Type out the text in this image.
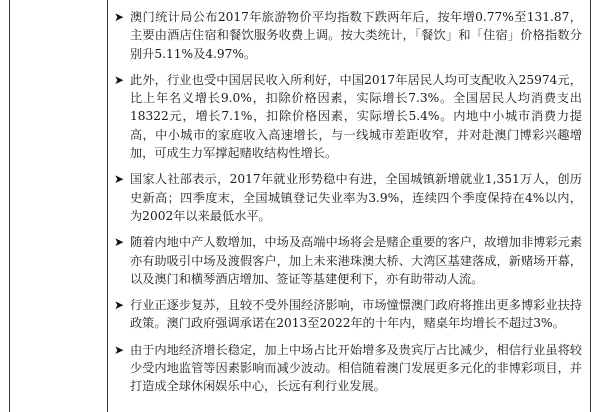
➤ 澳门统计局公布2017年旅游物价平均指数下跌两年后，按年增0.77%至131.87，主要由酒店住宿和餐饮服务收费上调。按大类统计，「餐饮」和「住宿」价格指数分别升5.11%及4.97%。
➤ 此外，行业也受中国居民收入所利好，中国2017年居民人均可支配收入25974元，比上年名义增长9.0%，扣除价格因素，实际增长7.3%。全国居民人均消费支出18322元，增长7.1%，扣除价格因素，实际增长5.4%。内地中小城市消费力提高，中小城市的家庭收入高速增长，与一线城市差距收窄，并对赴澳门博彩兴趣增加，可成生力军撑起赌收结构性增长。
➤ 国家人社部表示，2017年就业形势稳中有进，全国城镇新增就业1,351万人，创历史新高；四季度末，全国城镇登记失业率为3.9%，连续四个季度保持在4%以内，为2002年以来最低水平。
➤ 随着内地中产人数增加，中场及高端中场将会是赌企重要的客户，故增加非博彩元素亦有助吸引中场及渡假客户，加上未来港珠澳大桥、大湾区基建落成，新赌场开幕，以及澳门和横琴酒店增加、签证等基建便利下，亦有助带动人流。
➤ 行业正逐步复苏，且较不受外围经济影响，市场憧憬澳门政府将推出更多博彩业扶持政策。澳门政府强调承诺在2013至2022年的十年内，赌桌年均增长不超过3%。
➤ 由于内地经济增长稳定，加上中场占比开始增多及贵宾厅占比减少，相信行业虽将较少受内地监管等因素影响而减少波动。相信随着澳门发展更多元化的非博彩项目，并打造成全球休闲娱乐中心，长远有利行业发展。
